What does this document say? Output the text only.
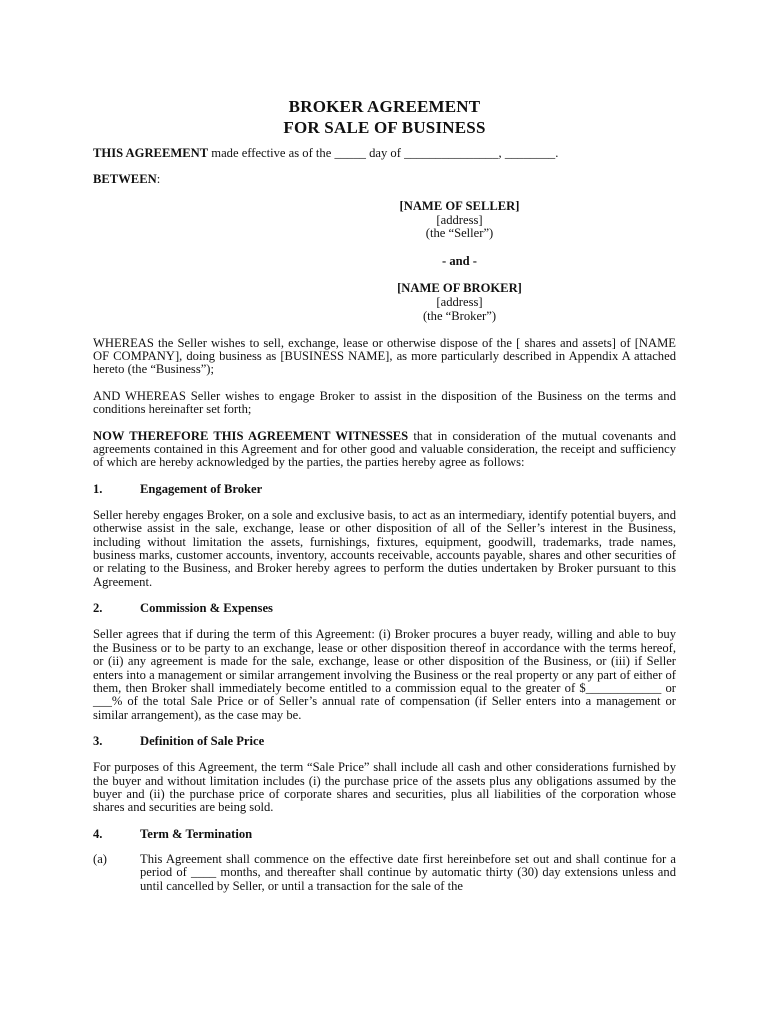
BROKER AGREEMENT
FOR SALE OF BUSINESS

THIS AGREEMENT made effective as of the _____ day of _______________, ________.

BETWEEN:

[NAME OF SELLER]
[address]
(the “Seller”)
- and -
[NAME OF BROKER]
[address]
(the “Broker”)

WHEREAS the Seller wishes to sell, exchange, lease or otherwise dispose of the [ shares and assets] of [NAME OF COMPANY], doing business as [BUSINESS NAME], as more particularly described in Appendix A attached hereto (the “Business”);

AND WHEREAS Seller wishes to engage Broker to assist in the disposition of the Business on the terms and conditions hereinafter set forth;

NOW THEREFORE THIS AGREEMENT WITNESSES that in consideration of the mutual covenants and agreements contained in this Agreement and for other good and valuable consideration, the receipt and sufficiency of which are hereby acknowledged by the parties, the parties hereby agree as follows:

1.	Engagement of Broker

Seller hereby engages Broker, on a sole and exclusive basis, to act as an intermediary, identify potential buyers, and otherwise assist in the sale, exchange, lease or other disposition of all of the Seller’s interest in the Business, including without limitation the assets, furnishings, fixtures, equipment, goodwill, trademarks, trade names, business marks, customer accounts, inventory, accounts receivable, accounts payable, shares and other securities of or relating to the Business, and Broker hereby agrees to perform the duties undertaken by Broker pursuant to this Agreement.

2.	Commission & Expenses

Seller agrees that if during the term of this Agreement: (i) Broker procures a buyer ready, willing and able to buy the Business or to be party to an exchange, lease or other disposition thereof in accordance with the terms hereof, or (ii) any agreement is made for the sale, exchange, lease or other disposition of the Business, or (iii) if Seller enters into a management or similar arrangement involving the Business or the real property or any part of either of them, then Broker shall immediately become entitled to a commission equal to the greater of $____________ or ___% of the total Sale Price or of Seller’s annual rate of compensation (if Seller enters into a management or similar arrangement), as the case may be.

3.	Definition of Sale Price

For purposes of this Agreement, the term “Sale Price” shall include all cash and other considerations furnished by the buyer and without limitation includes (i) the purchase price of the assets plus any obligations assumed by the buyer and (ii) the purchase price of corporate shares and securities, plus all liabilities of the corporation whose shares and securities are being sold.

4.	Term & Termination
(a)	This Agreement shall commence on the effective date first hereinbefore set out and shall continue for a period of ____ months, and thereafter shall continue by automatic thirty (30) day extensions unless and until cancelled by Seller, or until a transaction for the sale of the
